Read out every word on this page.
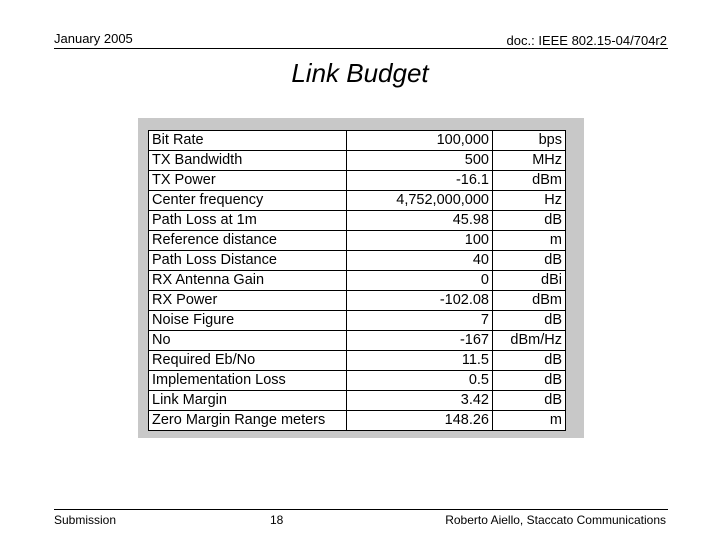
January 2005	doc.: IEEE 802.15-04/704r2
Link Budget
Bit Rate	100,000	bps
TX Bandwidth	500	MHz
TX Power	-16.1	dBm
Center frequency	4,752,000,000	Hz
Path Loss at 1m	45.98	dB
Reference distance	100	m
Path Loss Distance	40	dB
RX Antenna Gain	0	dBi
RX Power	-102.08	dBm
Noise Figure	7	dB
No	-167	dBm/Hz
Required Eb/No	11.5	dB
Implementation Loss	0.5	dB
Link Margin	3.42	dB
Zero Margin Range meters	148.26	m
Submission	18	Roberto Aiello, Staccato Communications
